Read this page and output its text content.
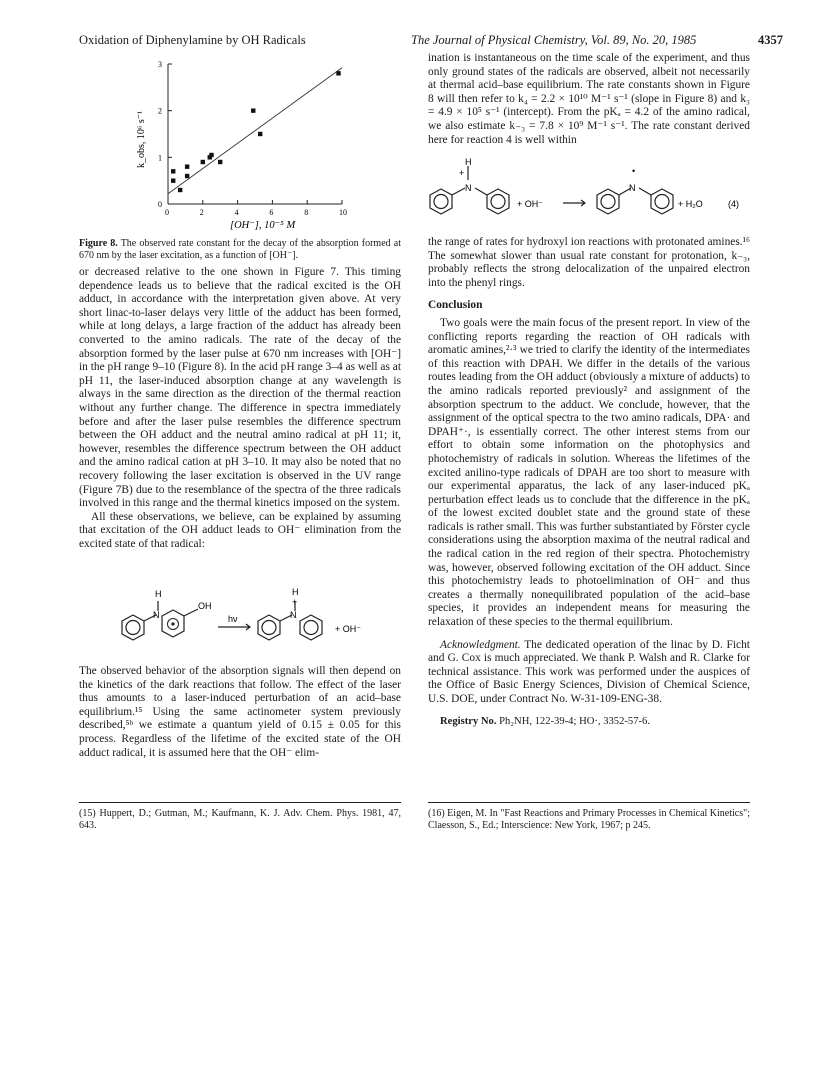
Oxidation of Diphenylamine by OH Radicals	The Journal of Physical Chemistry, Vol. 89, No. 20, 1985	4357
0	2	4	6	8	10
0
1
2
3
k_obs, 10⁶ s⁻¹
[OH⁻], 10⁻⁵ M
Figure 8. The observed rate constant for the decay of the absorption formed at 670 nm by the laser excitation, as a function of [OH⁻].

or decreased relative to the one shown in Figure 7. This timing dependence leads us to believe that the radical excited is the OH adduct, in accordance with the interpretation given above. At very short linac-to-laser delays very little of the adduct has been formed, while at long delays, a large fraction of the adduct has already been converted to the amino radicals. The rate of the decay of the absorption formed by the laser pulse at 670 nm increases with [OH⁻] in the pH range 9–10 (Figure 8). In the acid pH range 3–4 as well as at pH 11, the laser-induced absorption change at any wavelength is always in the same direction as the direction of the thermal reaction without any further change. The difference in spectra immediately before and after the laser pulse resembles the difference spectrum between the OH adduct and the neutral amino radical at pH 11; it, however, resembles the difference spectrum between the OH adduct and the amino radical cation at pH 3–10. It may also be noted that no recovery following the laser excitation is observed in the UV range (Figure 7B) due to the resemblance of the spectra of the three radicals involved in this range and the thermal kinetics imposed on the system.

All these observations, we believe, can be explained by assuming that excitation of the OH adduct leads to OH⁻ elimination from the excited state of that radical:

H
N
OH
hν
H
+
N
+ OH⁻

The observed behavior of the absorption signals will then depend on the kinetics of the dark reactions that follow. The effect of the laser thus amounts to a laser-induced perturbation of an acid–base equilibrium.¹⁵ Using the same actinometer system previously described,⁵ᵇ we estimate a quantum yield of 0.15 ± 0.05 for this process. Regardless of the lifetime of the excited state of the OH adduct radical, it is assumed here that the OH⁻ elim-

ination is instantaneous on the time scale of the experiment, and thus only ground states of the radicals are observed, albeit not necessarily at thermal acid–base equilibrium. The rate constants shown in Figure 8 will then refer to k₄ = 2.2 × 10¹⁰ M⁻¹ s⁻¹ (slope in Figure 8) and k₃ = 4.9 × 10⁵ s⁻¹ (intercept). From the pKₐ = 4.2 of the amino radical, we also estimate k₋₃ = 7.8 × 10⁹ M⁻¹ s⁻¹. The rate constant derived here for reaction 4 is well within

H
+
N
+ OH⁻
•
N
+ H₂O	(4)

the range of rates for hydroxyl ion reactions with protonated amines.¹⁶ The somewhat slower than usual rate constant for protonation, k₋₃, probably reflects the strong delocalization of the unpaired electron into the phenyl rings.

Conclusion

Two goals were the main focus of the present report. In view of the conflicting reports regarding the reaction of OH radicals with aromatic amines,²·³ we tried to clarify the identity of the intermediates of this reaction with DPAH. We differ in the details of the various routes leading from the OH adduct (obviously a mixture of adducts) to the amino radicals reported previously² and assignment of the absorption spectrum to the adduct. We conclude, however, that the assignment of the optical spectra to the two amino radicals, DPA· and DPAH⁺·, is essentially correct. The other interest stems from our effort to obtain some information on the photophysics and photochemistry of radicals in solution. Whereas the lifetimes of the excited anilino-type radicals of DPAH are too short to measure with our experimental apparatus, the lack of any laser-induced pKₐ perturbation effect leads us to conclude that the difference in the pKₐ of the lowest excited doublet state and the ground state of these radicals is rather small. This was further substantiated by Förster cycle considerations using the absorption maxima of the neutral radical and the radical cation in the red region of their spectra. Photochemistry was, however, observed following excitation of the OH adduct. Since this photochemistry leads to photoelimination of OH⁻ and thus creates a thermally nonequilibrated population of the acid–base species, it provides an independent means for measuring the relaxation of these species to the thermal equilibrium.

Acknowledgment. The dedicated operation of the linac by D. Ficht and G. Cox is much appreciated. We thank P. Walsh and R. Clarke for technical assistance. This work was performed under the auspices of the Office of Basic Energy Sciences, Division of Chemical Science, U.S. DOE, under Contract No. W-31-109-ENG-38.

Registry No. Ph₂NH, 122-39-4; HO·, 3352-57-6.

(15) Huppert, D.; Gutman, M.; Kaufmann, K. J. Adv. Chem. Phys. 1981, 47, 643.
(16) Eigen, M. In "Fast Reactions and Primary Processes in Chemical Kinetics"; Claesson, S., Ed.; Interscience: New York, 1967; p 245.
